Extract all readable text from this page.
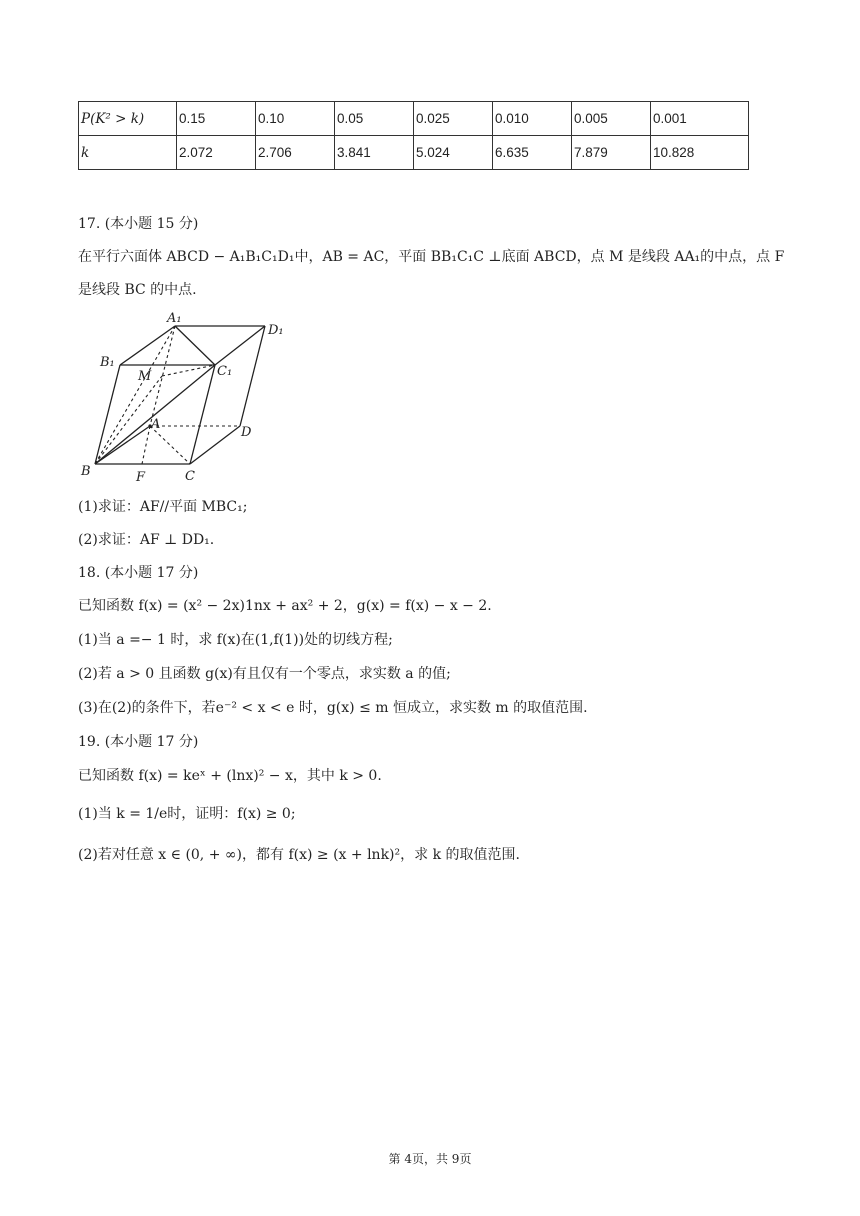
P(K² > k)	0.15	0.10	0.05	0.025	0.010	0.005	0.001
k	2.072	2.706	3.841	5.024	6.635	7.879	10.828
17. (本小题 15 分)
在平行六面体 ABCD − A₁B₁C₁D₁中，AB = AC，平面 BB₁C₁C ⊥底面 ABCD，点 M 是线段 AA₁的中点，点 F
是线段 BC 的中点.
A₁
D₁
B₁
M	C₁
A
D
B	F	C
(1)求证：AF//平面 MBC₁;
(2)求证：AF ⊥ DD₁.
18. (本小题 17 分)
已知函数 f(x) = (x² − 2x)1nx + ax² + 2，g(x) = f(x) − x − 2.
(1)当 a =− 1 时，求 f(x)在(1,f(1))处的切线方程;
(2)若 a > 0 且函数 g(x)有且仅有一个零点，求实数 a 的值;
(3)在(2)的条件下，若e⁻² < x < e 时，g(x) ≤ m 恒成立，求实数 m 的取值范围.
19. (本小题 17 分)
已知函数 f(x) = keˣ + (lnx)² − x，其中 k > 0.
(1)当 k = 1/e时，证明：f(x) ≥ 0;
(2)若对任意 x ∈ (0, + ∞)，都有 f(x) ≥ (x + lnk)²，求 k 的取值范围.
第 4页，共 9页
